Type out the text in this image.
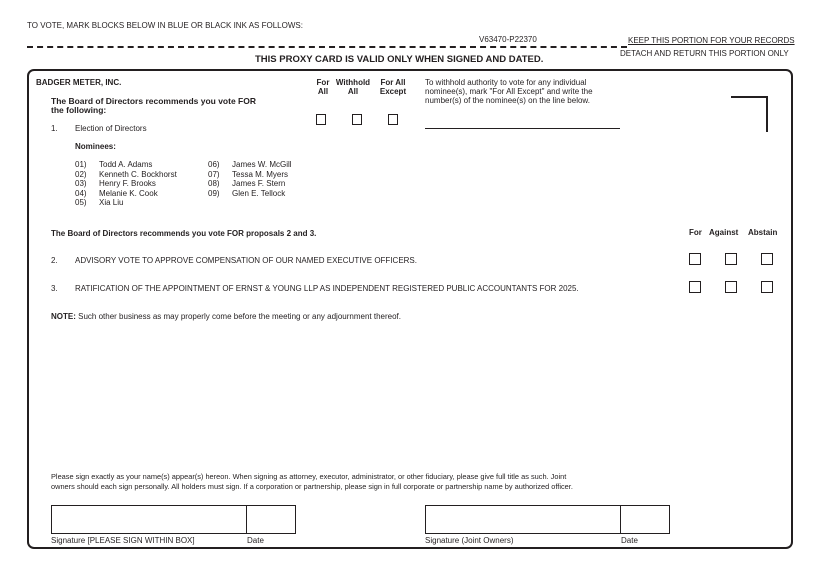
TO VOTE, MARK BLOCKS BELOW IN BLUE OR BLACK INK AS FOLLOWS:
V63470-P22370	KEEP THIS PORTION FOR YOUR RECORDS
DETACH AND RETURN THIS PORTION ONLY
THIS PROXY CARD IS VALID ONLY WHEN SIGNED AND DATED.
BADGER METER, INC.
The Board of Directors recommends you vote FOR
the following:
1. Election of Directors
Nominees:
01) Todd A. Adams
02) Kenneth C. Bockhorst
03) Henry F. Brooks
04) Melanie K. Cook
05) Xia Liu
06) James W. McGill
07) Tessa M. Myers
08) James F. Stern
09) Glen E. Tellock
For
All
Withhold
All
For All
Except
To withhold authority to vote for any individual
nominee(s), mark "For All Except" and write the
number(s) of the nominee(s) on the line below.
The Board of Directors recommends you vote FOR proposals 2 and 3.	For Against Abstain
2. ADVISORY VOTE TO APPROVE COMPENSATION OF OUR NAMED EXECUTIVE OFFICERS.
3. RATIFICATION OF THE APPOINTMENT OF ERNST & YOUNG LLP AS INDEPENDENT REGISTERED PUBLIC ACCOUNTANTS FOR 2025.
NOTE: Such other business as may properly come before the meeting or any adjournment thereof.
Please sign exactly as your name(s) appear(s) hereon. When signing as attorney, executor, administrator, or other fiduciary, please give full title as such. Joint
owners should each sign personally. All holders must sign. If a corporation or partnership, please sign in full corporate or partnership name by authorized officer.
Signature [PLEASE SIGN WITHIN BOX]	Date	Signature (Joint Owners)	Date
